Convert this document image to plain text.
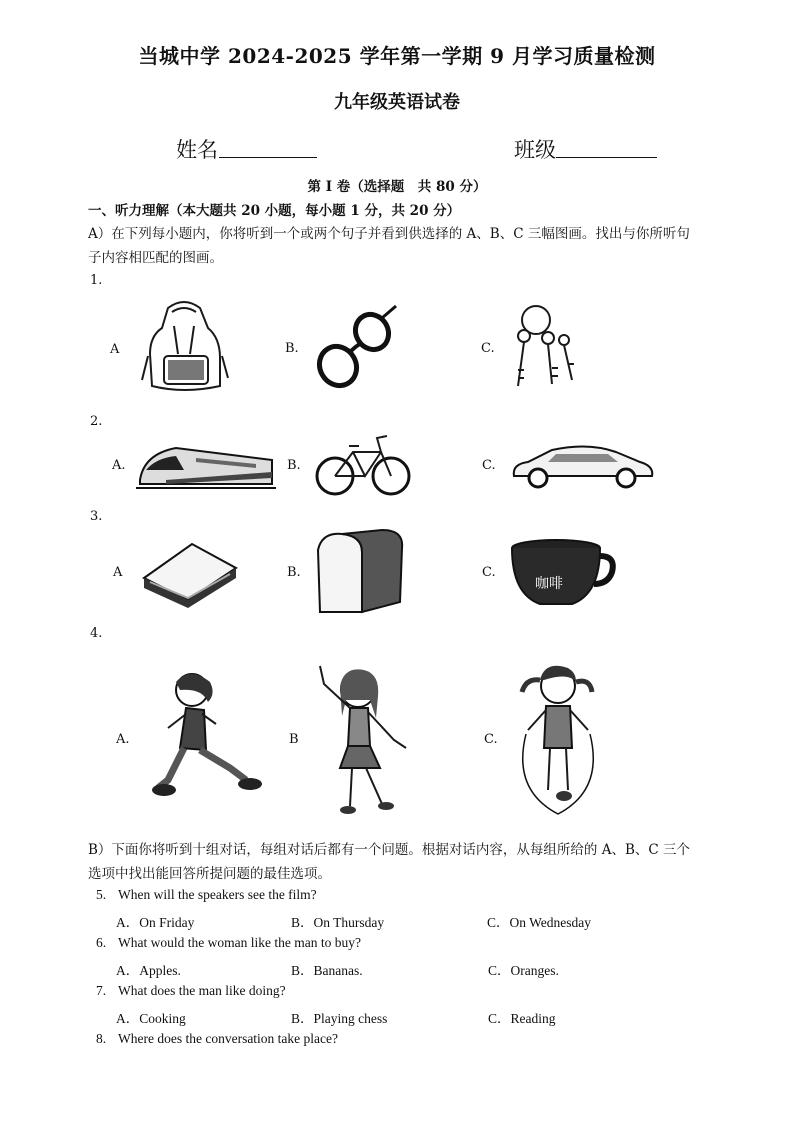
当城中学 2024-2025 学年第一学期 9 月学习质量检测
九年级英语试卷
姓名	班级
第 I 卷（选择题　共 80 分）
一、听力理解（本大题共 20 小题，每小题 1 分，共 20 分）
A）在下列每小题内，你将听到一个或两个句子并看到供选择的 A、B、C 三幅图画。找出与你所听句
子内容相匹配的图画。
1.
A	B.	C.
2.
A.	B.	C.
3.
A	B.	C.
咖啡
4.
A.	B	C.
B）下面你将听到十组对话，每组对话后都有一个问题。根据对话内容，从每组所给的 A、B、C 三个
选项中找出能回答所提问题的最佳选项。
5. When will the speakers see the film?
A．On Friday	B．On Thursday	C．On Wednesday
6. What would the woman like the man to buy?
A．Apples.	B．Bananas.	C．Oranges.
7. What does the man like doing?
A．Cooking	B．Playing chess	C．Reading
8. Where does the conversation take place?
